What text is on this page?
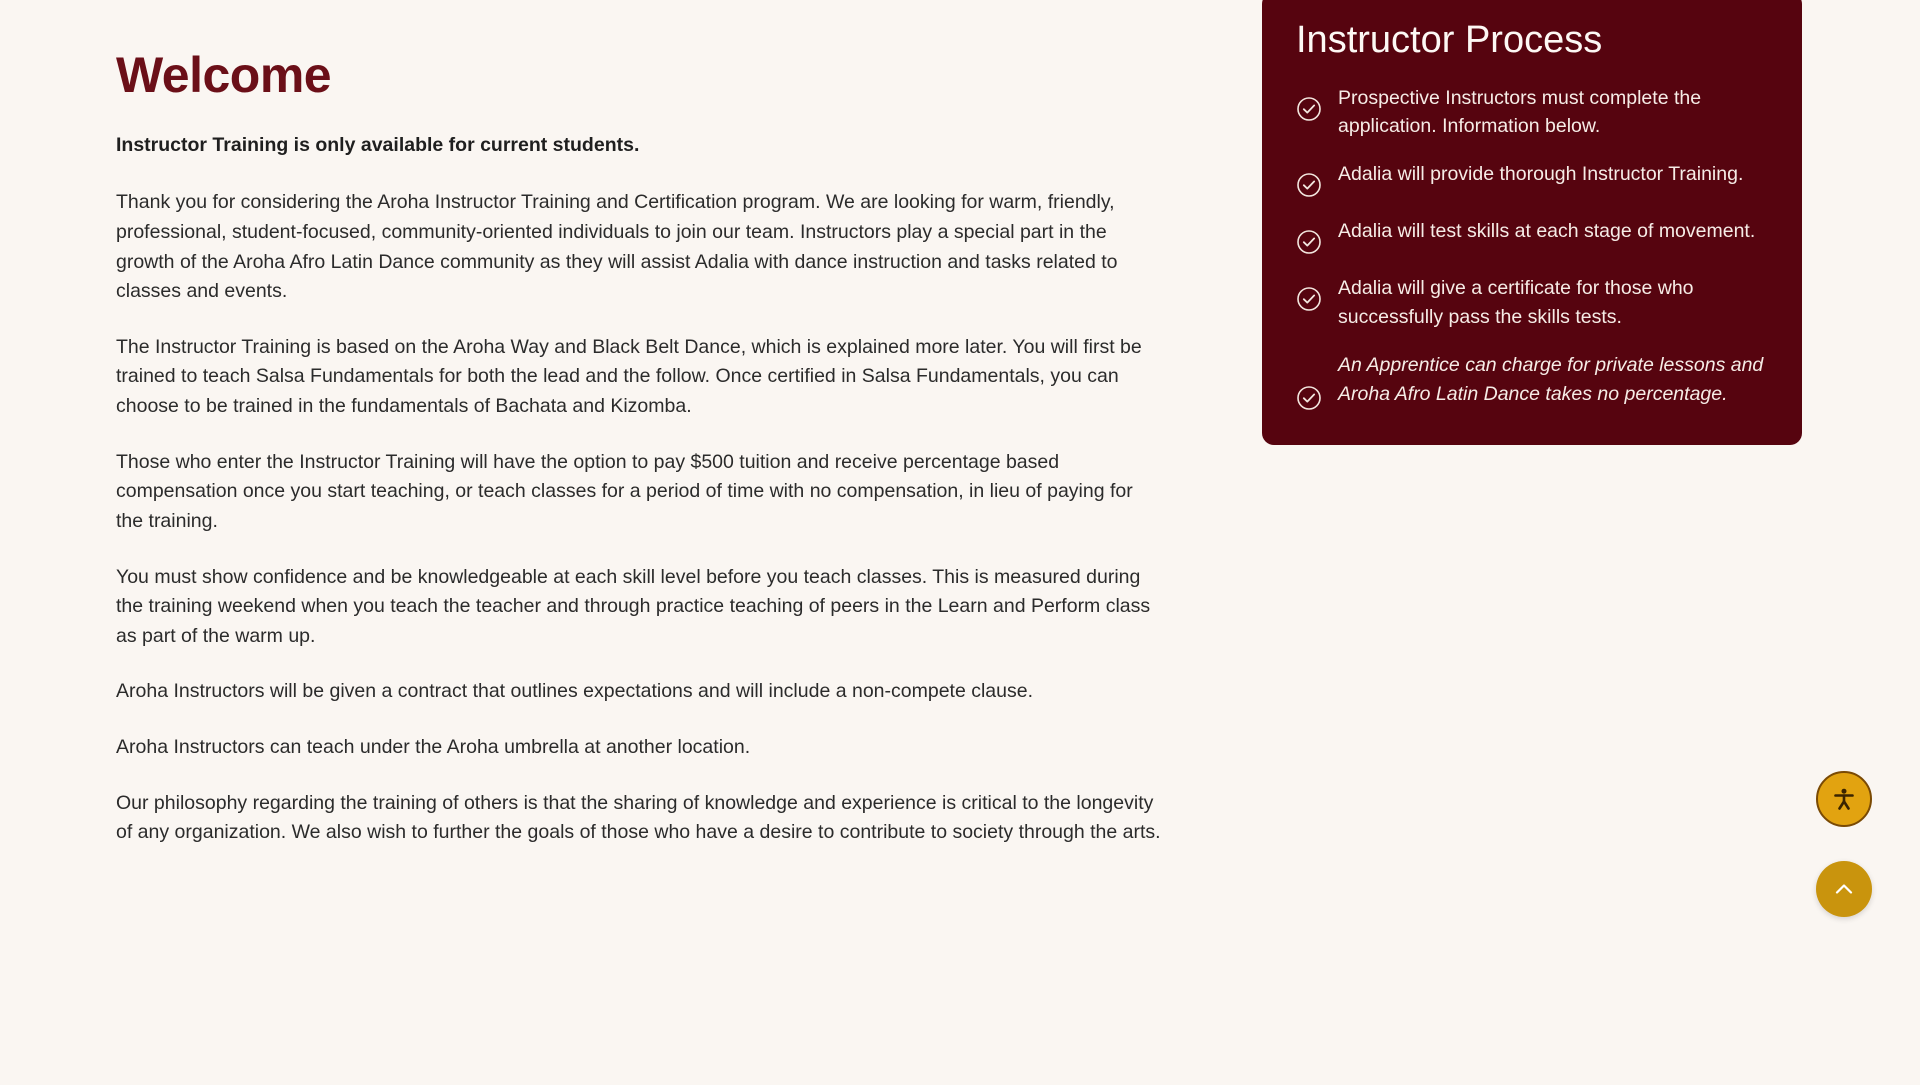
Welcome

Instructor Training is only available for current students.

Thank you for considering the Aroha Instructor Training and Certification program. We are looking for warm, friendly, professional, student-focused, community-oriented individuals to join our team. Instructors play a special part in the growth of the Aroha Afro Latin Dance community as they will assist Adalia with dance instruction and tasks related to classes and events.

The Instructor Training is based on the Aroha Way and Black Belt Dance, which is explained more later. You will first be trained to teach Salsa Fundamentals for both the lead and the follow. Once certified in Salsa Fundamentals, you can choose to be trained in the fundamentals of Bachata and Kizomba.

Those who enter the Instructor Training will have the option to pay $500 tuition and receive percentage based compensation once you start teaching, or teach classes for a period of time with no compensation, in lieu of paying for the training.

You must show confidence and be knowledgeable at each skill level before you teach classes. This is measured during the training weekend when you teach the teacher and through practice teaching of peers in the Learn and Perform class as part of the warm up.

Aroha Instructors will be given a contract that outlines expectations and will include a non-compete clause.

Aroha Instructors can teach under the Aroha umbrella at another location.

Our philosophy regarding the training of others is that the sharing of knowledge and experience is critical to the longevity of any organization. We also wish to further the goals of those who have a desire to contribute to society through the arts.

Instructor Process
Prospective Instructors must complete the application. Information below.
Adalia will provide thorough Instructor Training.
Adalia will test skills at each stage of movement.
Adalia will give a certificate for those who successfully pass the skills tests.
An Apprentice can charge for private lessons and Aroha Afro Latin Dance takes no percentage.
